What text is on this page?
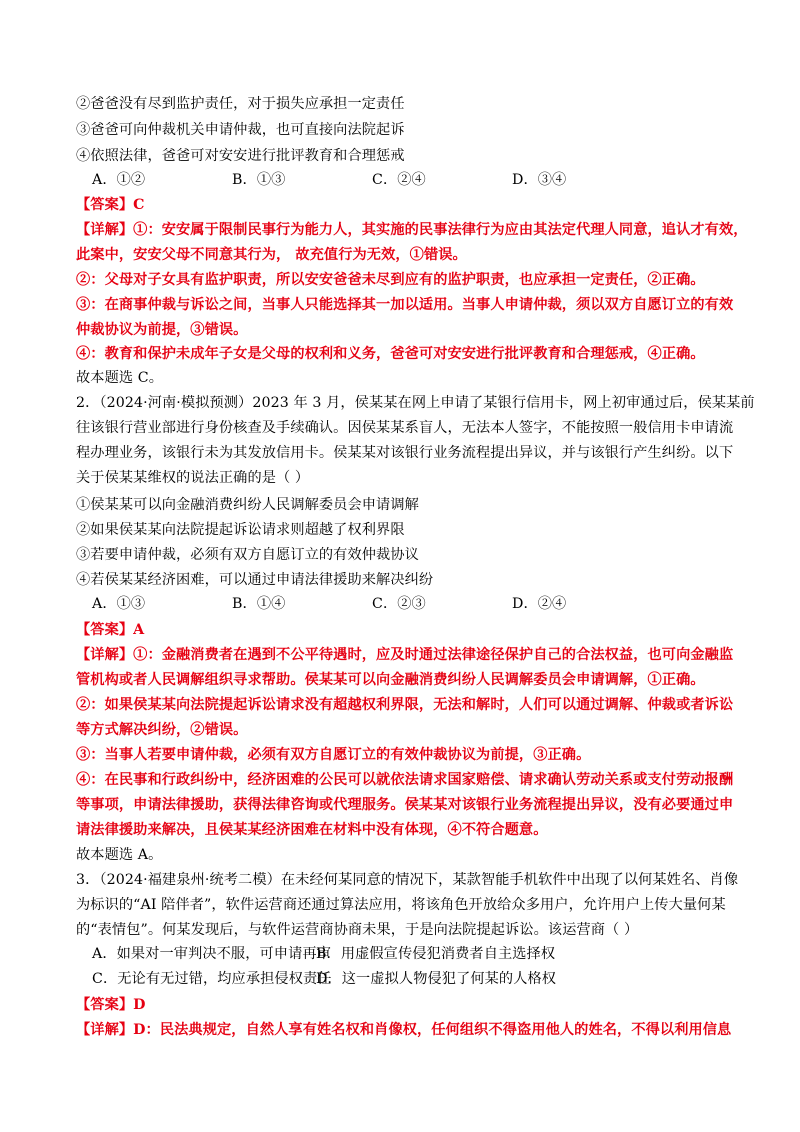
②爸爸没有尽到监护责任，对于损失应承担一定责任
③爸爸可向仲裁机关申请仲裁，也可直接向法院起诉
④依照法律，爸爸可对安安进行批评教育和合理惩戒
A．①②	B．①③	C．②④	D．③④
【答案】C
【详解】①：安安属于限制民事行为能力人，其实施的民事法律行为应由其法定代理人同意，追认才有效，
此案中，安安父母不同意其行为， 故充值行为无效，①错误。
②：父母对子女具有监护职责，所以安安爸爸未尽到应有的监护职责，也应承担一定责任，②正确。
③：在商事仲裁与诉讼之间，当事人只能选择其一加以适用。当事人申请仲裁，须以双方自愿订立的有效
仲裁协议为前提，③错误。
④：教育和保护未成年子女是父母的权利和义务，爸爸可对安安进行批评教育和合理惩戒，④正确。
故本题选 C。
2．（2024·河南·模拟预测）2023 年 3 月，侯某某在网上申请了某银行信用卡，网上初审通过后，侯某某前
往该银行营业部进行身份核查及手续确认。因侯某某系盲人，无法本人签字，不能按照一般信用卡申请流
程办理业务，该银行未为其发放信用卡。侯某某对该银行业务流程提出异议，并与该银行产生纠纷。以下
关于侯某某维权的说法正确的是（ ）
①侯某某可以向金融消费纠纷人民调解委员会申请调解
②如果侯某某向法院提起诉讼请求则超越了权利界限
③若要申请仲裁，必须有双方自愿订立的有效仲裁协议
④若侯某某经济困难，可以通过申请法律援助来解决纠纷
A．①③	B．①④	C．②③	D．②④
【答案】A
【详解】①：金融消费者在遇到不公平待遇时，应及时通过法律途径保护自己的合法权益，也可向金融监
管机构或者人民调解组织寻求帮助。侯某某可以向金融消费纠纷人民调解委员会申请调解，①正确。
②：如果侯某某向法院提起诉讼请求没有超越权利界限，无法和解时，人们可以通过调解、仲裁或者诉讼
等方式解决纠纷，②错误。
③：当事人若要申请仲裁，必须有双方自愿订立的有效仲裁协议为前提，③正确。
④：在民事和行政纠纷中，经济困难的公民可以就依法请求国家赔偿、请求确认劳动关系或支付劳动报酬
等事项，申请法律援助，获得法律咨询或代理服务。侯某某对该银行业务流程提出异议，没有必要通过申
请法律援助来解决，且侯某某经济困难在材料中没有体现，④不符合题意。
故本题选 A。
3．（2024·福建泉州·统考二模）在未经何某同意的情况下，某款智能手机软件中出现了以何某姓名、肖像
为标识的“AI 陪伴者”，软件运营商还通过算法应用，将该角色开放给众多用户，允许用户上传大量何某
的“表情包”。何某发现后，与软件运营商协商未果，于是向法院提起诉讼。该运营商（ ）
A．如果对一审判决不服，可申请再审B．用虚假宣传侵犯消费者自主选择权
C．无论有无过错，均应承担侵权责任D．这一虚拟人物侵犯了何某的人格权
【答案】D
【详解】D：民法典规定，自然人享有姓名权和肖像权，任何组织不得盗用他人的姓名，不得以利用信息
